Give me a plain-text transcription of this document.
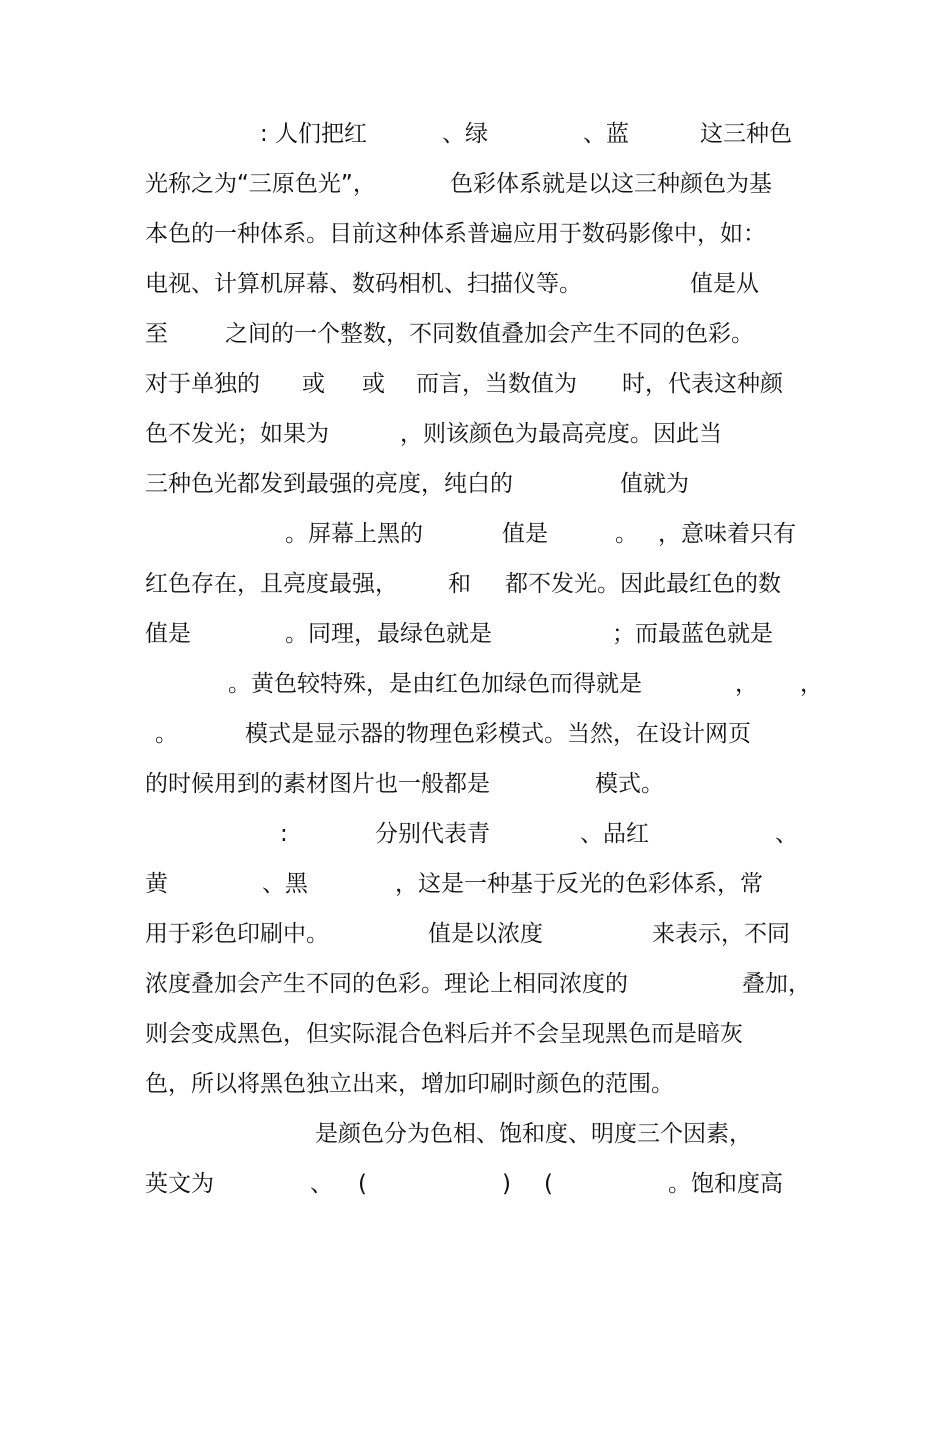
: 人们把红

	、绿

	、蓝

	这三种色

光称之为“三原色光”，

	色彩体系就是以这三种颜色为基

本色的一种体系。目前这种体系普遍应用于数码影像中，如：

电视、计算机屏幕、数码相机、扫描仪等。

	值是从

至

之间的一个整数，不同数值叠加会产生不同的色彩。

对于单独的

或

或

而言，当数值为

时，代表这种颜

色不发光；如果为

	，则该颜色为最高亮度。因此当

三种色光都发到最强的亮度，纯白的

	值就为

。屏幕上黑的

	值是

	。

，意味着只有

红色存在，且亮度最强，

和

都不发光。因此最红色的数

值是

	。同理，最绿色就是

	；而最蓝色就是

。黄色较特殊，是由红色加绿色而得就是

	，

，

。

	模式是显示器的物理色彩模式。当然，在设计网页

的时候用到的素材图片也一般都是

	模式。

:

	分别代表青

	、品红

	、

黄

	、黑

	，这是一种基于反光的色彩体系，常

用于彩色印刷中。

	值是以浓度

	来表示，不同

浓度叠加会产生不同的色彩。理论上相同浓度的

	叠加，

则会变成黑色，但实际混合色料后并不会呈现黑色而是暗灰

色，所以将黑色独立出来，增加印刷时颜色的范围。

是颜色分为色相、饱和度、明度三个因素，

英文为

	、

(

	)

(

	。饱和度高
